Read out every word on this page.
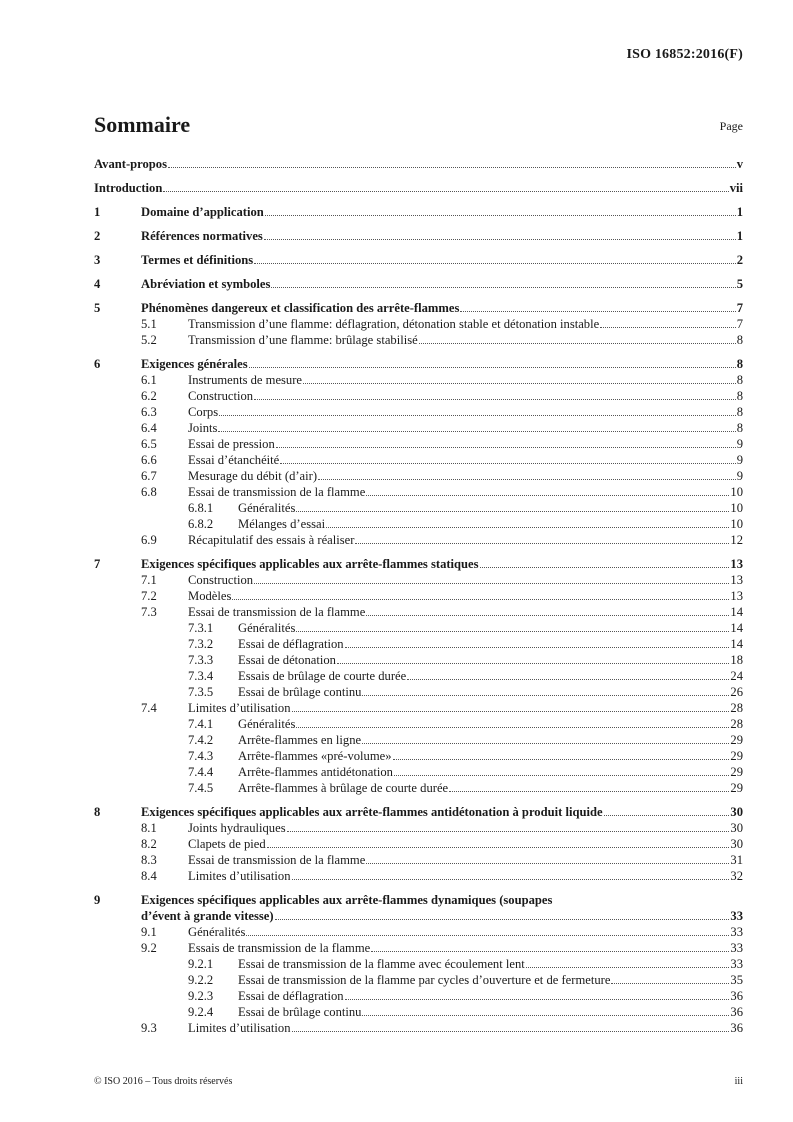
ISO 16852:2016(F)
Sommaire	Page
Avant-propos	v
Introduction	vii
1	Domaine d’application	1
2	Références normatives	1
3	Termes et définitions	2
4	Abréviation et symboles	5
5	Phénomènes dangereux et classification des arrête-flammes	7
5.1	Transmission d’une flamme: déflagration, détonation stable et détonation instable	7
5.2	Transmission d’une flamme: brûlage stabilisé	8
6	Exigences générales	8
6.1	Instruments de mesure	8
6.2	Construction	8
6.3	Corps	8
6.4	Joints	8
6.5	Essai de pression	9
6.6	Essai d’étanchéité	9
6.7	Mesurage du débit (d’air)	9
6.8	Essai de transmission de la flamme	10
6.8.1	Généralités	10
6.8.2	Mélanges d’essai	10
6.9	Récapitulatif des essais à réaliser	12
7	Exigences spécifiques applicables aux arrête-flammes statiques	13
7.1	Construction	13
7.2	Modèles	13
7.3	Essai de transmission de la flamme	14
7.3.1	Généralités	14
7.3.2	Essai de déflagration	14
7.3.3	Essai de détonation	18
7.3.4	Essais de brûlage de courte durée	24
7.3.5	Essai de brûlage continu	26
7.4	Limites d’utilisation	28
7.4.1	Généralités	28
7.4.2	Arrête-flammes en ligne	29
7.4.3	Arrête-flammes «pré-volume»	29
7.4.4	Arrête-flammes antidétonation	29
7.4.5	Arrête-flammes à brûlage de courte durée	29
8	Exigences spécifiques applicables aux arrête-flammes antidétonation à produit liquide	30
8.1	Joints hydrauliques	30
8.2	Clapets de pied	30
8.3	Essai de transmission de la flamme	31
8.4	Limites d’utilisation	32
9	Exigences spécifiques applicables aux arrête-flammes dynamiques (soupapes
d’évent à grande vitesse)	33
9.1	Généralités	33
9.2	Essais de transmission de la flamme	33
9.2.1	Essai de transmission de la flamme avec écoulement lent	33
9.2.2	Essai de transmission de la flamme par cycles d’ouverture et de fermeture	35
9.2.3	Essai de déflagration	36
9.2.4	Essai de brûlage continu	36
9.3	Limites d’utilisation	36
© ISO 2016 – Tous droits réservés	iii
